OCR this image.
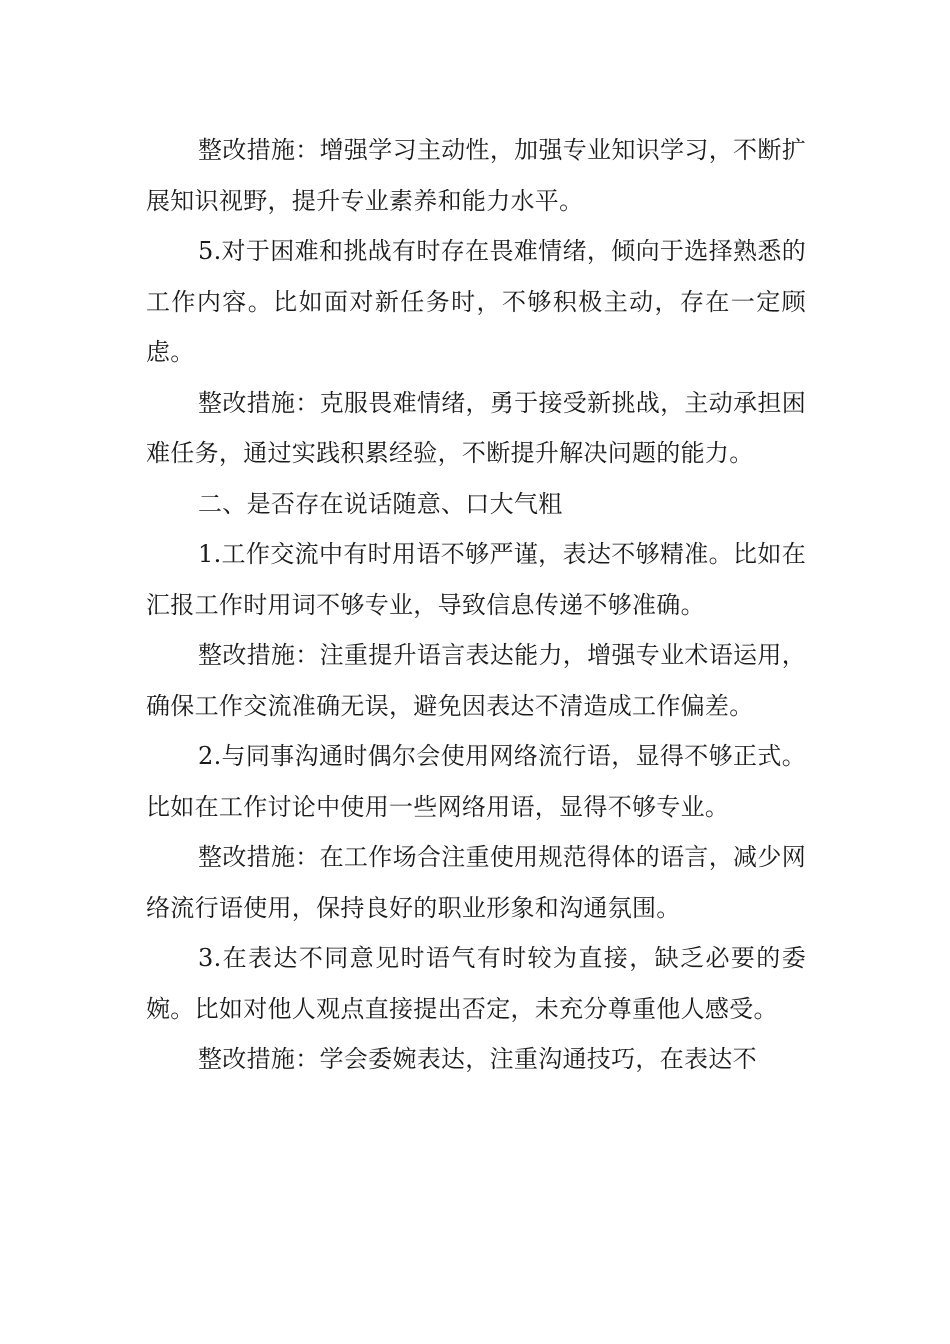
整改措施：增强学习主动性，加强专业知识学习，不断扩展知识视野，提升专业素养和能力水平。

5.对于困难和挑战有时存在畏难情绪，倾向于选择熟悉的工作内容。比如面对新任务时，不够积极主动，存在一定顾虑。

整改措施：克服畏难情绪，勇于接受新挑战，主动承担困难任务，通过实践积累经验，不断提升解决问题的能力。

二、是否存在说话随意、口大气粗

1.工作交流中有时用语不够严谨，表达不够精准。比如在汇报工作时用词不够专业，导致信息传递不够准确。

整改措施：注重提升语言表达能力，增强专业术语运用，确保工作交流准确无误，避免因表达不清造成工作偏差。

2.与同事沟通时偶尔会使用网络流行语，显得不够正式。比如在工作讨论中使用一些网络用语，显得不够专业。

整改措施：在工作场合注重使用规范得体的语言，减少网络流行语使用，保持良好的职业形象和沟通氛围。

3.在表达不同意见时语气有时较为直接，缺乏必要的委婉。比如对他人观点直接提出否定，未充分尊重他人感受。

整改措施：学会委婉表达，注重沟通技巧，在表达不
